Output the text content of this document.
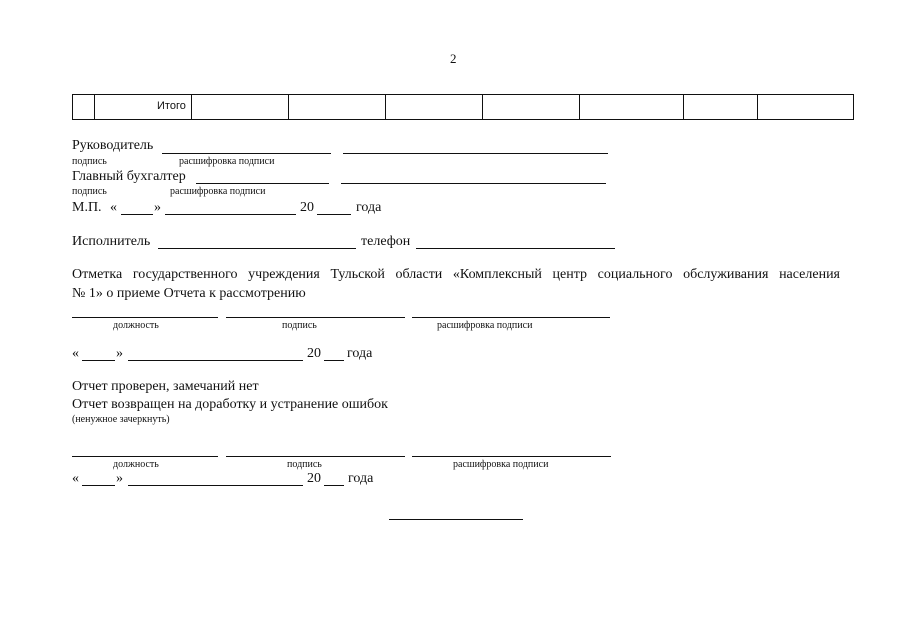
2
Итого
Руководитель
подпись	расшифровка подписи
Главный бухгалтер
подпись	расшифровка подписи
М.П. «	»	20	года
Исполнитель	телефон
Отметка государственного учреждения Тульской области «Комплексный центр социального обслуживания населения
№ 1» о приеме Отчета к рассмотрению
должность	подпись	расшифровка подписи
«	»	20 года
Отчет проверен, замечаний нет
Отчет возвращен на доработку и устранение ошибок
(ненужное зачеркнуть)
должность	подпись	расшифровка подписи
«	»	20 года
